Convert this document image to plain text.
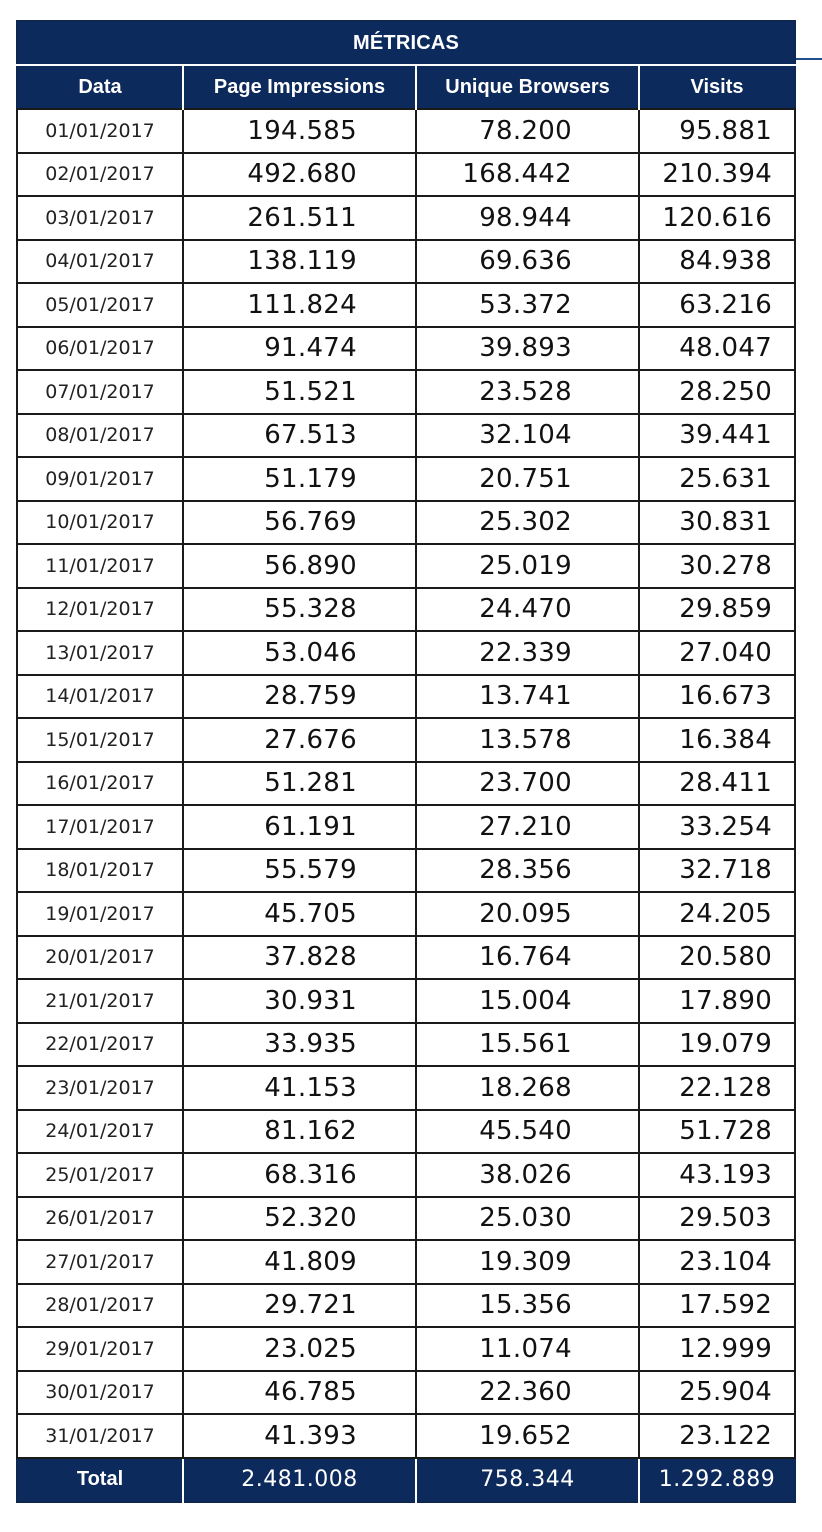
MÉTRICAS			
Data	Page Impressions	Unique Browsers	Visits
01/01/2017	194.585	78.200	95.881
02/01/2017	492.680	168.442	210.394
03/01/2017	261.511	98.944	120.616
04/01/2017	138.119	69.636	84.938
05/01/2017	111.824	53.372	63.216
06/01/2017	91.474	39.893	48.047
07/01/2017	51.521	23.528	28.250
08/01/2017	67.513	32.104	39.441
09/01/2017	51.179	20.751	25.631
10/01/2017	56.769	25.302	30.831
11/01/2017	56.890	25.019	30.278
12/01/2017	55.328	24.470	29.859
13/01/2017	53.046	22.339	27.040
14/01/2017	28.759	13.741	16.673
15/01/2017	27.676	13.578	16.384
16/01/2017	51.281	23.700	28.411
17/01/2017	61.191	27.210	33.254
18/01/2017	55.579	28.356	32.718
19/01/2017	45.705	20.095	24.205
20/01/2017	37.828	16.764	20.580
21/01/2017	30.931	15.004	17.890
22/01/2017	33.935	15.561	19.079
23/01/2017	41.153	18.268	22.128
24/01/2017	81.162	45.540	51.728
25/01/2017	68.316	38.026	43.193
26/01/2017	52.320	25.030	29.503
27/01/2017	41.809	19.309	23.104
28/01/2017	29.721	15.356	17.592
29/01/2017	23.025	11.074	12.999
30/01/2017	46.785	22.360	25.904
31/01/2017	41.393	19.652	23.122
Total	2.481.008	758.344	1.292.889
